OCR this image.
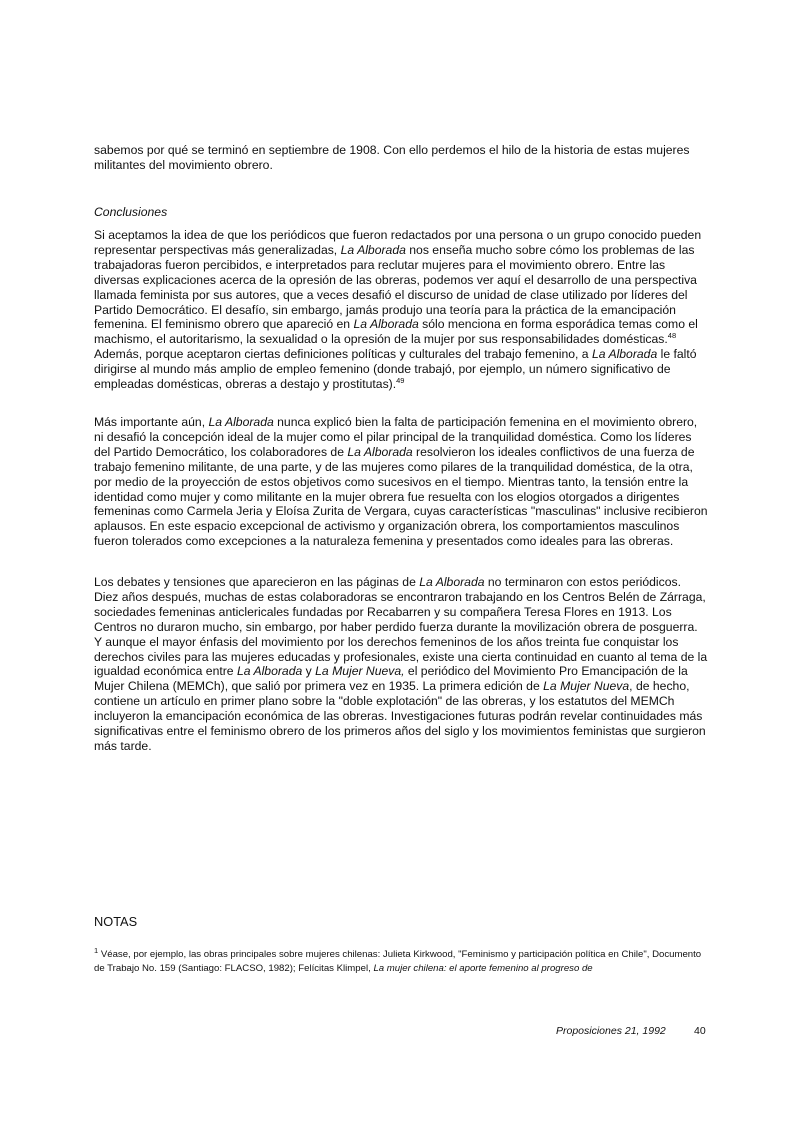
sabemos por qué se terminó en septiembre de 1908. Con ello perdemos el hilo de la historia de estas mujeres militantes del movimiento obrero.

Conclusiones

Si aceptamos la idea de que los periódicos que fueron redactados por una persona o un grupo conocido pueden representar perspectivas más generalizadas, La Alborada nos enseña mucho sobre cómo los problemas de las trabajadoras fueron percibidos, e interpretados para reclutar mujeres para el movimiento obrero. Entre las diversas explicaciones acerca de la opresión de las obreras, podemos ver aquí el desarrollo de una perspectiva llamada feminista por sus autores, que a veces desafió el discurso de unidad de clase utilizado por líderes del Partido Democrático. El desafío, sin embargo, jamás produjo una teoría para la práctica de la emancipación femenina. El feminismo obrero que apareció en La Alborada sólo menciona en forma esporádica temas como el machismo, el autoritarismo, la sexualidad o la opresión de la mujer por sus responsabilidades domésticas.$^{48}$ Además, porque aceptaron ciertas definiciones políticas y culturales del trabajo femenino, a La Alborada le faltó dirigirse al mundo más amplio de empleo femenino (donde trabajó, por ejemplo, un número significativo de empleadas domésticas, obreras a destajo y prostitutas).$^{49}$

Más importante aún, La Alborada nunca explicó bien la falta de participación femenina en el movimiento obrero, ni desafió la concepción ideal de la mujer como el pilar principal de la tranquilidad doméstica. Como los líderes del Partido Democrático, los colaboradores de La Alborada resolvieron los ideales conflictivos de una fuerza de trabajo femenino militante, de una parte, y de las mujeres como pilares de la tranquilidad doméstica, de la otra, por medio de la proyección de estos objetivos como sucesivos en el tiempo. Mientras tanto, la tensión entre la identidad como mujer y como militante en la mujer obrera fue resuelta con los elogios otorgados a dirigentes femeninas como Carmela Jeria y Eloísa Zurita de Vergara, cuyas características "masculinas" inclusive recibieron aplausos. En este espacio excepcional de activismo y organización obrera, los comportamientos masculinos fueron tolerados como excepciones a la naturaleza femenina y presentados como ideales para las obreras.

Los debates y tensiones que aparecieron en las páginas de La Alborada no terminaron con estos periódicos. Diez años después, muchas de estas colaboradoras se encontraron trabajando en los Centros Belén de Zárraga, sociedades femeninas anticlericales fundadas por Recabarren y su compañera Teresa Flores en 1913. Los Centros no duraron mucho, sin embargo, por haber perdido fuerza durante la movilización obrera de posguerra. Y aunque el mayor énfasis del movimiento por los derechos femeninos de los años treinta fue conquistar los derechos civiles para las mujeres educadas y profesionales, existe una cierta continuidad en cuanto al tema de la igualdad económica entre La Alborada y La Mujer Nueva, el periódico del Movimiento Pro Emancipación de la Mujer Chilena (MEMCh), que salió por primera vez en 1935. La primera edición de La Mujer Nueva, de hecho, contiene un artículo en primer plano sobre la "doble explotación" de las obreras, y los estatutos del MEMCh incluyeron la emancipación económica de las obreras. Investigaciones futuras podrán revelar continuidades más significativas entre el feminismo obrero de los primeros años del siglo y los movimientos feministas que surgieron más tarde.

NOTAS

$^1$ Véase, por ejemplo, las obras principales sobre mujeres chilenas: Julieta Kirkwood, "Feminismo y participación política en Chile", Documento de Trabajo No. 159 (Santiago: FLACSO, 1982); Felícitas Klimpel, La mujer chilena: el aporte femenino al progreso de

Proposiciones 21, 1992	40
